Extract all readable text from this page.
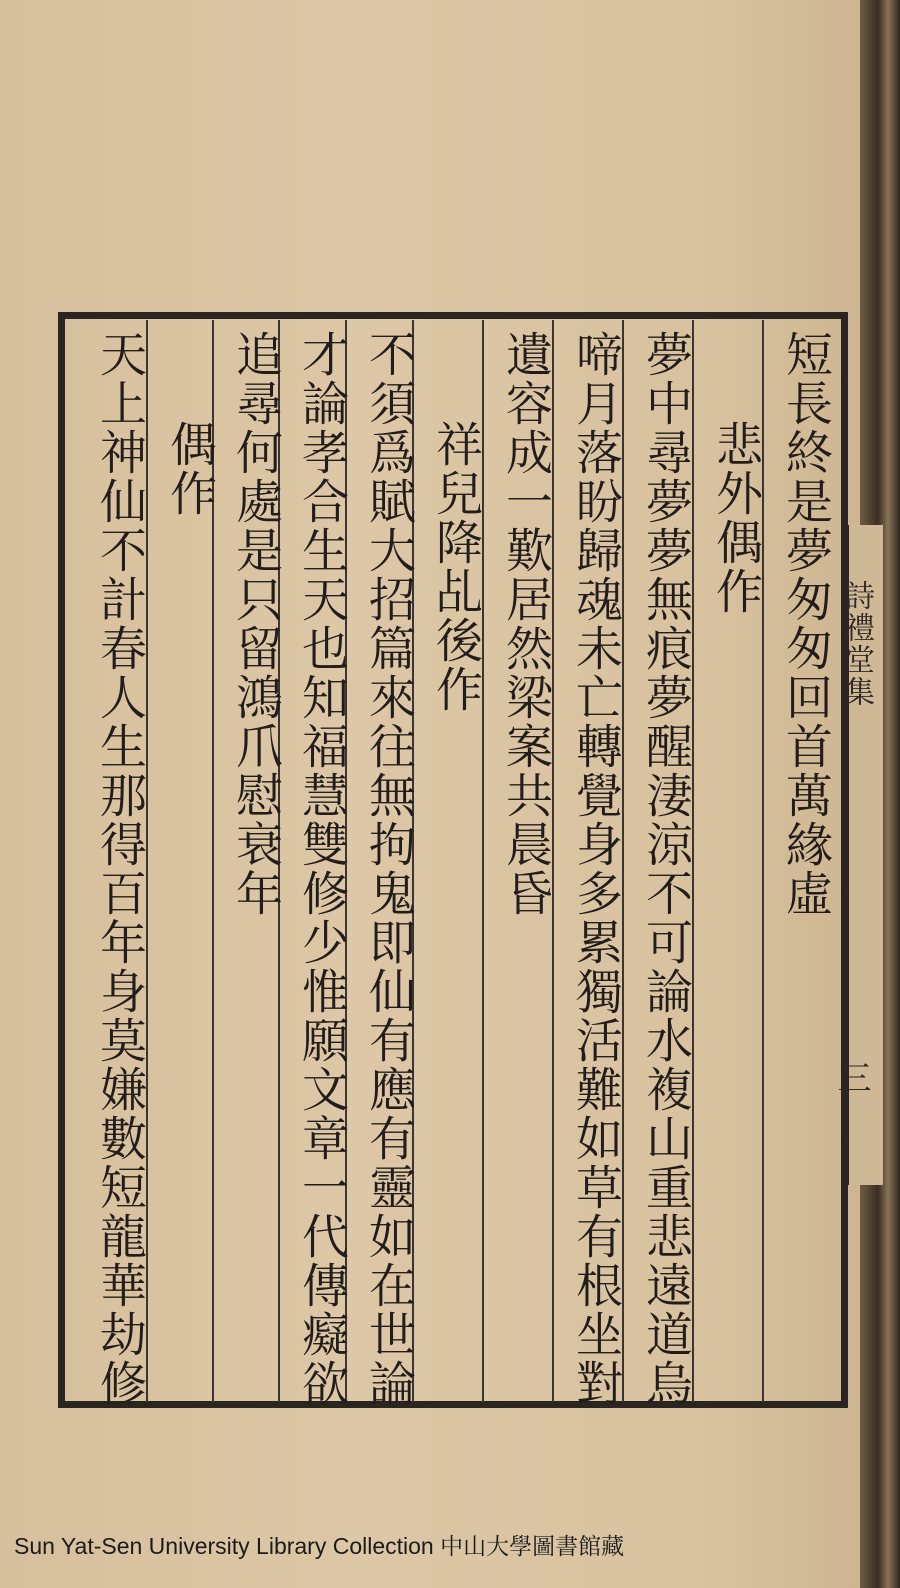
詩禮堂集
三
短長終是夢匆匆回首萬緣虛
悲外偶作
夢中尋夢夢無痕夢醒淒涼不可論水複山重悲遠道烏
啼月落盼歸魂未亡轉覺身多累獨活難如草有根坐對
遺容成一歎居然梁案共晨昏
祥兒降乩後作
不須爲賦大招篇來往無拘鬼即仙有應有靈如在世論
才論孝合生天也知福慧雙修少惟願文章一代傳癡欲
追尋何處是只留鴻爪慰衰年
偶作
天上神仙不計春人生那得百年身莫嫌數短龍華劫修
Sun Yat-Sen University Library Collection 中山大學圖書館藏
